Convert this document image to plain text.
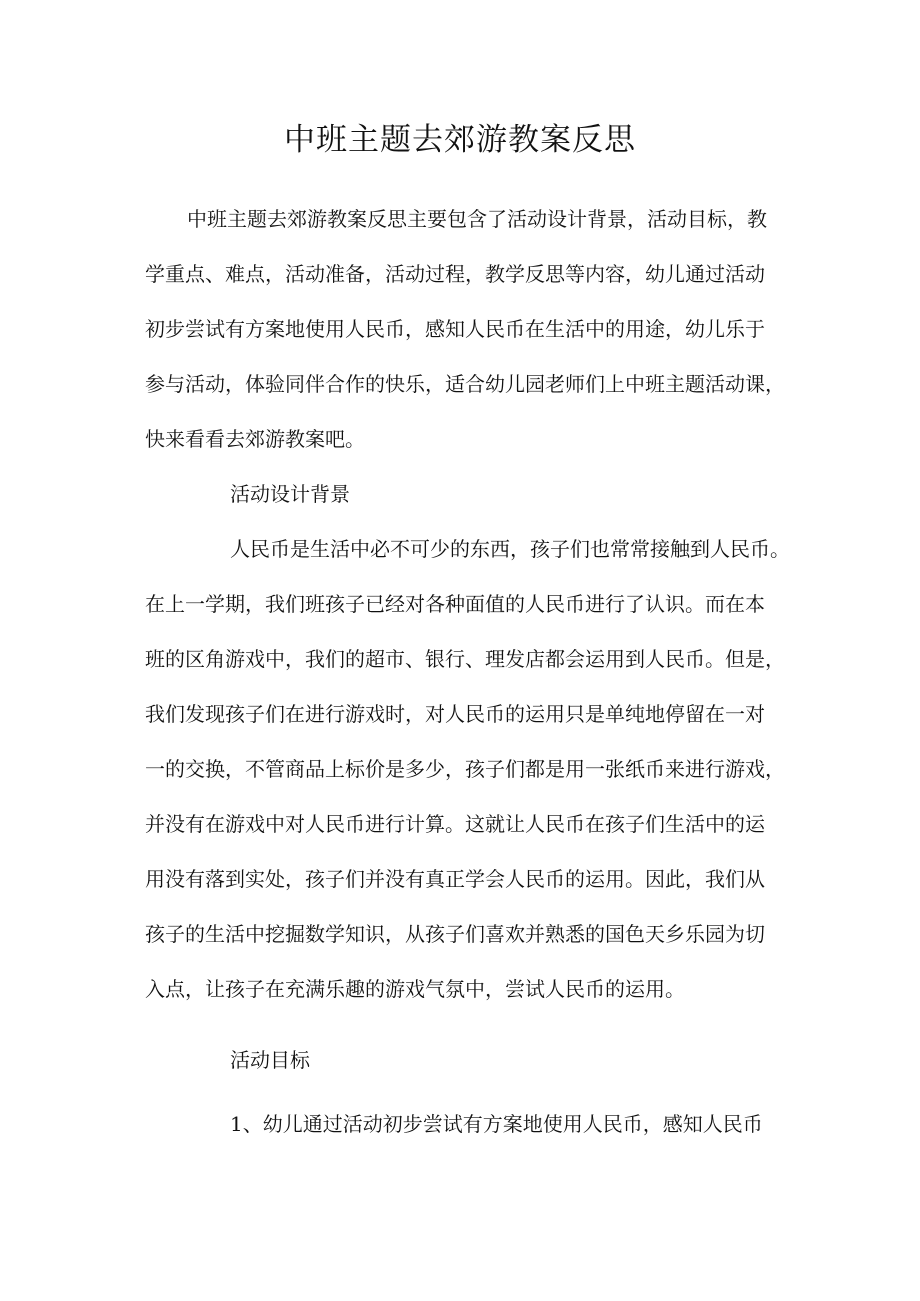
中班主题去郊游教案反思
中班主题去郊游教案反思主要包含了活动设计背景，活动目标，教
学重点、难点，活动准备，活动过程，教学反思等内容，幼儿通过活动
初步尝试有方案地使用人民币，感知人民币在生活中的用途，幼儿乐于
参与活动，体验同伴合作的快乐，适合幼儿园老师们上中班主题活动课，
快来看看去郊游教案吧。
活动设计背景
人民币是生活中必不可少的东西，孩子们也常常接触到人民币。
在上一学期，我们班孩子已经对各种面值的人民币进行了认识。而在本
班的区角游戏中，我们的超市、银行、理发店都会运用到人民币。但是，
我们发现孩子们在进行游戏时，对人民币的运用只是单纯地停留在一对
一的交换，不管商品上标价是多少，孩子们都是用一张纸币来进行游戏，
并没有在游戏中对人民币进行计算。这就让人民币在孩子们生活中的运
用没有落到实处，孩子们并没有真正学会人民币的运用。因此，我们从
孩子的生活中挖掘数学知识，从孩子们喜欢并熟悉的国色天乡乐园为切
入点，让孩子在充满乐趣的游戏气氛中，尝试人民币的运用。
活动目标
1、幼儿通过活动初步尝试有方案地使用人民币，感知人民币
